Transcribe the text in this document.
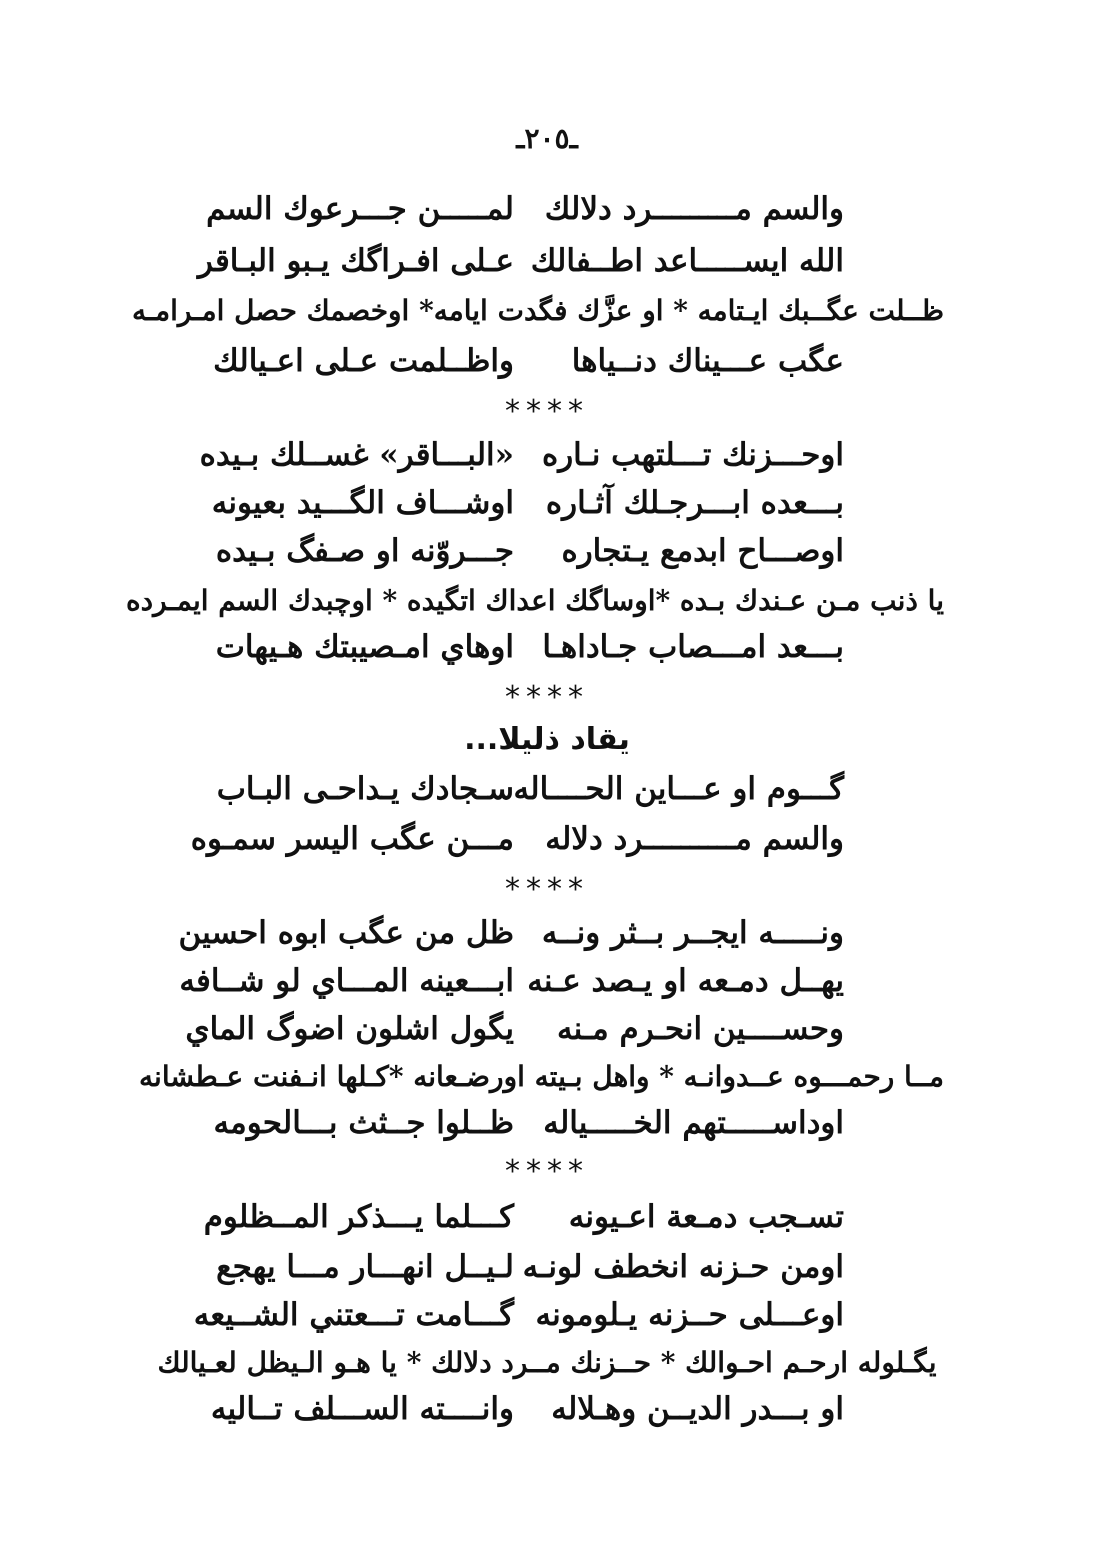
ـ٢٠٥ـ
لمـــــن جـــرعوك السم والسم مـــــــــرد دلالك
عـلى افـراگك يـبو البـاقر الله ايســـــاعد اطــفالك
ظــلت عگــبك ايـتامه * او عزَّك فگدت ايامه* اوخصمك حصل امـرامـه
واظــلمت عـلى اعـيالك عگب عـــيناك دنــياها
****
«البـــاقر» غســلك بـيده اوحـــزنك تـــلتهب نـاره
اوشـــاف الگـــيد بعيونه بـــعده ابـــرجـلك آثـاره
جـــروّنه او صـفگ بـيده اوصـــاح ابدمع يـتجاره
يا ذنب مـن عـندك بـده *اوساگك اعداك اتگيده * اوچبدك السم ايمـرده
اوهاي امـصيبتك هـيهات بـــعد امـــصاب جـاداهـا
****
يقاد ذليلا...
سـجادك يـداحـى البـاب گـــوم او عـــاين الحــــاله
مـــن عگب اليسر سمـوه والسم مــــــــــرد دلاله
****
ظل من عگب ابوه احسين ونـــــه ايجــر بــثر ونــه
ابـــعينه المـــاي لو شــافه يهــل دمـعه او يـصد عـنه
يگول اشلون اضوگ الماي وحســــين انحـرم مـنه
مــا رحمـــوه عــدوانـه * واهل بـيته اورضـعانه *كـلها انـفنت عـطشانه
ظــلوا جــثث بـــالحومه اوداســـــتهم الخـــــياله
****
كـــلما يـــذكر المــظلوم تسـجب دمـعة اعـيونه
لـيــل انهـــار مـــا يهجع اومن حـزنه انخطف لونـه
گـــامت تـــعتني الشــيعه اوعـــلى حــزنه يـلومونه
يگـلوله ارحـم احـوالك * حــزنك مــرد دلالك * يا هـو الـيظل لعـيالك
وانــــته الســـلف تــاليه او بـــدر الديــن وهـلاله
